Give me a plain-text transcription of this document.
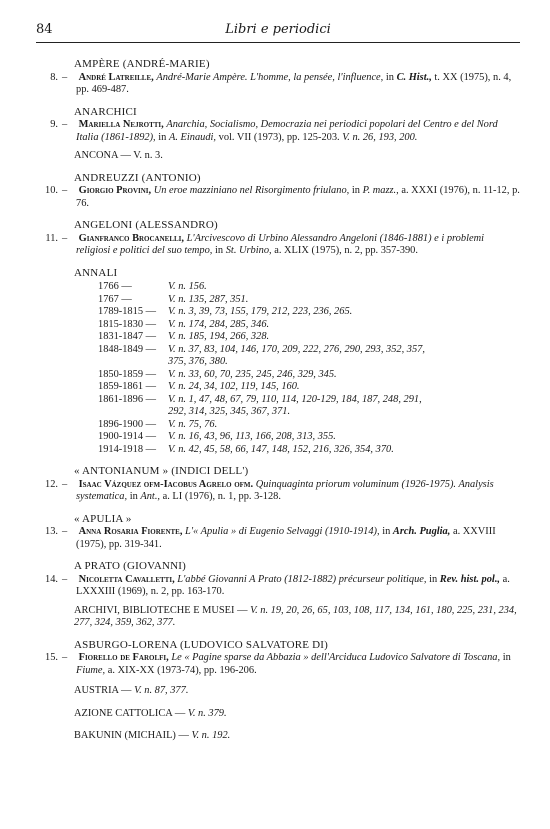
84	Libri e periodici
AMPÈRE (ANDRÉ-MARIE)
8. – André Latreille, André-Marie Ampère. L'homme, la pensée, l'influence, in C. Hist., t. XX (1975), n. 4, pp. 469-487.
ANARCHICI
9. – Mariella Nejrotti, Anarchia, Socialismo, Democrazia nei periodici popolari del Centro e del Nord Italia (1861-1892), in A. Einaudi, vol. VII (1973), pp. 125-203. V. n. 26, 193, 200.
ANCONA — V. n. 3.
ANDREUZZI (ANTONIO)
10. – Giorgio Provini, Un eroe mazziniano nel Risorgimento friulano, in P. mazz., a. XXXI (1976), n. 11-12, p. 76.
ANGELONI (ALESSANDRO)
11. – Gianfranco Brocanelli, L'Arcivescovo di Urbino Alessandro Angeloni (1846-1881) e i problemi religiosi e politici del suo tempo, in St. Urbino, a. XLIX (1975), n. 2, pp. 357-390.
ANNALI
1766 —	V. n. 156.
1767 —	V. n. 135, 287, 351.
1789-1815 —	V. n. 3, 39, 73, 155, 179, 212, 223, 236, 265.
1815-1830 —	V. n. 174, 284, 285, 346.
1831-1847 —	V. n. 185, 194, 266, 328.
1848-1849 —	V. n. 37, 83, 104, 146, 170, 209, 222, 276, 290, 293, 352, 357,
375, 376, 380.
1850-1859 —	V. n. 33, 60, 70, 235, 245, 246, 329, 345.
1859-1861 —	V. n. 24, 34, 102, 119, 145, 160.
1861-1896 —	V. n. 1, 47, 48, 67, 79, 110, 114, 120-129, 184, 187, 248, 291,
292, 314, 325, 345, 367, 371.
1896-1900 —	V. n. 75, 76.
1900-1914 —	V. n. 16, 43, 96, 113, 166, 208, 313, 355.
1914-1918 —	V. n. 42, 45, 58, 66, 147, 148, 152, 216, 326, 354, 370.
« ANTONIANUM » (INDICI DELL')
12. – Isaac Vázquez ofm-Iacobus Agrelo ofm. Quinquaginta priorum voluminum (1926-1975). Analysis systematica, in Ant., a. LI (1976), n. 1, pp. 3-128.
« APULIA »
13. – Anna Rosaria Fiorente, L'« Apulia » di Eugenio Selvaggi (1910-1914), in Arch. Puglia, a. XXVIII (1975), pp. 319-341.
A PRATO (GIOVANNI)
14. – Nicoletta Cavalletti, L'abbé Giovanni A Prato (1812-1882) précurseur politique, in Rev. hist. pol., a. LXXXIII (1969), n. 2, pp. 163-170.
ARCHIVI, BIBLIOTECHE E MUSEI — V. n. 19, 20, 26, 65, 103, 108, 117, 134, 161, 180, 225, 231, 234, 277, 324, 359, 362, 377.
ASBURGO-LORENA (LUDOVICO SALVATORE DI)
15. – Fiorello de Farolfi, Le « Pagine sparse da Abbazia » dell'Arciduca Ludovico Salvatore di Toscana, in Fiume, a. XIX-XX (1973-74), pp. 196-206.
AUSTRIA — V. n. 87, 377.
AZIONE CATTOLICA — V. n. 379.
BAKUNIN (MICHAIL) — V. n. 192.
